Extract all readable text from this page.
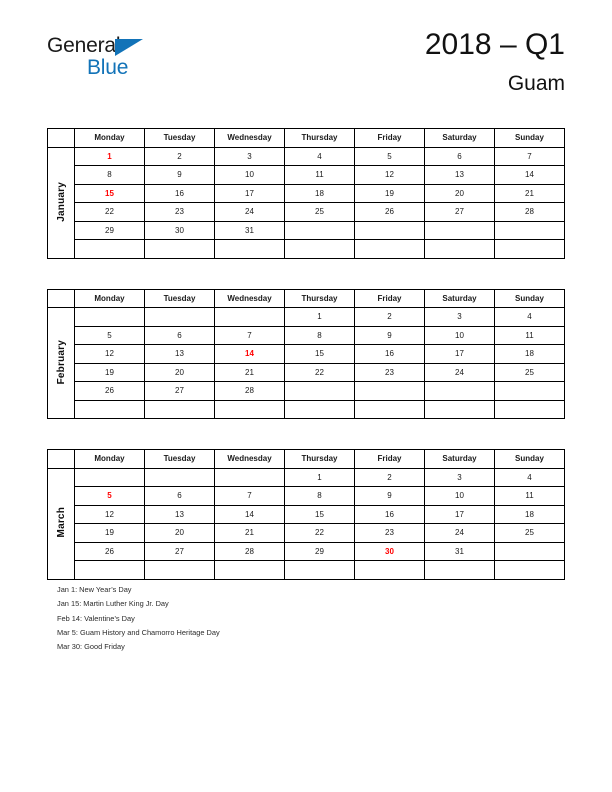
General
Blue
2018 – Q1
Guam
	Monday	Tuesday	Wednesday	Thursday	Friday	Saturday	Sunday
January	1	2	3	4	5	6	7
	8	9	10	11	12	13	14
	15	16	17	18	19	20	21
	22	23	24	25	26	27	28
	29	30	31				

	Monday	Tuesday	Wednesday	Thursday	Friday	Saturday	Sunday
February				1	2	3	4
	5	6	7	8	9	10	11
	12	13	14	15	16	17	18
	19	20	21	22	23	24	25
	26	27	28				

	Monday	Tuesday	Wednesday	Thursday	Friday	Saturday	Sunday
March				1	2	3	4
	5	6	7	8	9	10	11
	12	13	14	15	16	17	18
	19	20	21	22	23	24	25
	26	27	28	29	30	31	

Jan 1: New Year’s Day
Jan 15: Martin Luther King Jr. Day
Feb 14: Valentine’s Day
Mar 5: Guam History and Chamorro Heritage Day
Mar 30: Good Friday
